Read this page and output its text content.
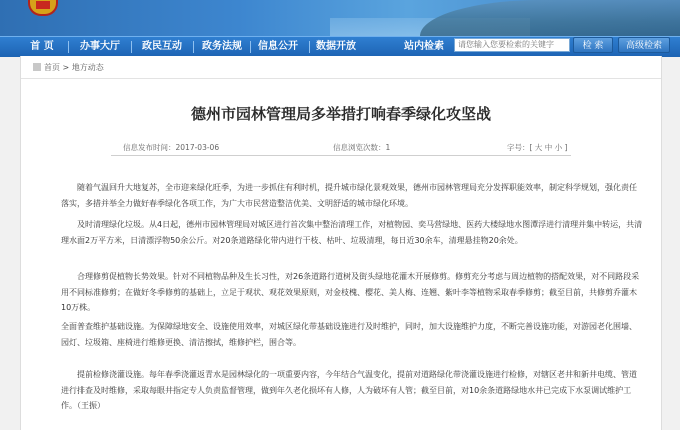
首 页	办事大厅	政民互动	政务法规	信息公开	数据开放	站内检索
请您输入您要检索的关键字	检 索	高级检索
首页 > 地方动态
德州市园林管理局多举措打响春季绿化攻坚战
信息发布时间：2017-03-06	信息浏览次数：1	字号：[ 大 中 小 ]

随着气温回升大地复苏，全市迎来绿化旺季，为进一步抓住有利时机，提升城市绿化景观效果，德州市园林管理局充分发挥职能效率，制定科学规划，强化责任落实，多措并举全力做好春季绿化各项工作，为广大市民营造整洁优美、文明舒适的城市绿化环境。

及时清理绿化垃圾。从4日起，德州市园林管理局对城区进行首次集中整治清理工作，对植物园、奕马营绿地、医药大楼绿地水图潭浮进行清理并集中转运，共清理水面2万平方米，日清漂浮物50余公斤。对20条道路绿化带内进行干枝、枯叶、垃圾清理，每日近30余车，清理悬挂物20余处。

合理修剪促植物长势效果。针对不同植物品种及生长习性，对26条道路行道树及街头绿地花灌木开展修剪。修剪充分考虑与周边植物的搭配效果，对不同路段采用不同标准修剪；在做好冬季修剪的基础上，立足于观状、观花效果原则，对金枝槐、樱花、美人梅、连翘、紫叶李等植物采取春季修剪；截至目前，共修剪乔灌木10万株。

全面普查维护基础设施。为保障绿地安全、设施使用效率，对城区绿化带基础设施进行及时维护，同时，加大设施维护力度，不断完善设施功能，对游园老化围墙、园灯、垃圾箱、座椅进行维修更换、清洁擦拭，维修护栏，围合等。

提前检修浇灌设施。每年春季浇灌返青水是园林绿化的一项重要内容，今年结合气温变化，提前对道路绿化带浇灌设施进行检修，对辖区老井和新井电缆、管道进行排查及时维修，采取每眼井指定专人负责监督管理，做到年久老化损坏有人修，人为破坏有人管；截至目前，对10余条道路绿地水井已完成下水泵调试维护工作。（王振）
